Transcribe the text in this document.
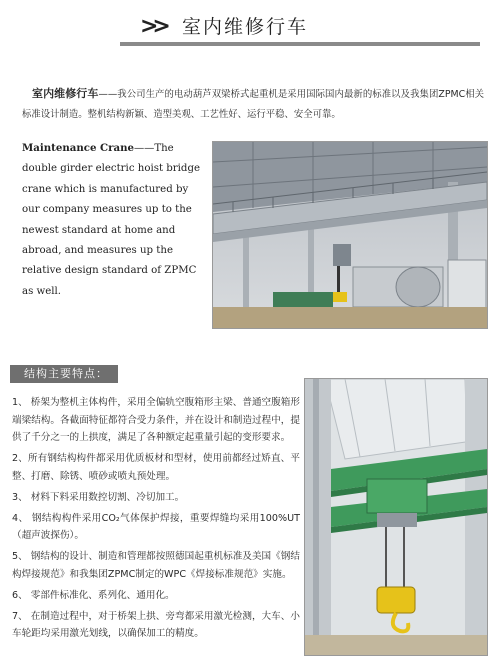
>> 室内维修行车
室内维修行车——我公司生产的电动葫芦双梁桥式起重机是采用国际国内最新的标准以及我集团ZPMC相关标准设计制造。整机结构新颖、造型美观、工艺性好、运行平稳、安全可靠。
Maintenance Crane——The double girder electric hoist bridge crane which is manufactured by our company measures up to the newest standard at home and abroad, and measures up the relative design standard of ZPMC as well.
结构主要特点：
1、 桥架为整机主体构件，采用全偏轨空腹箱形主梁、普通空腹箱形端梁结构。各截面特征都符合受力条件，并在设计和制造过程中，提供了千分之一的上拱度，满足了各种额定起重量引起的变形要求。
2、所有钢结构构件都采用优质板材和型材，使用前都经过矫直、平整、打磨、除锈、喷砂或喷丸预处理。
3、 材料下料采用数控切割、冷切加工。
4、 钢结构构件采用CO₂气体保护焊接，重要焊缝均采用100%UT（超声波探伤）。
5、 钢结构的设计、制造和管理都按照德国起重机标准及美国《钢结构焊接规范》和我集团ZPMC制定的WPC《焊接标准规范》实施。
6、 零部件标准化、系列化、通用化。
7、 在制造过程中，对于桥架上拱、旁弯都采用激光检测，大车、小车轮距均采用激光划线，以确保加工的精度。
